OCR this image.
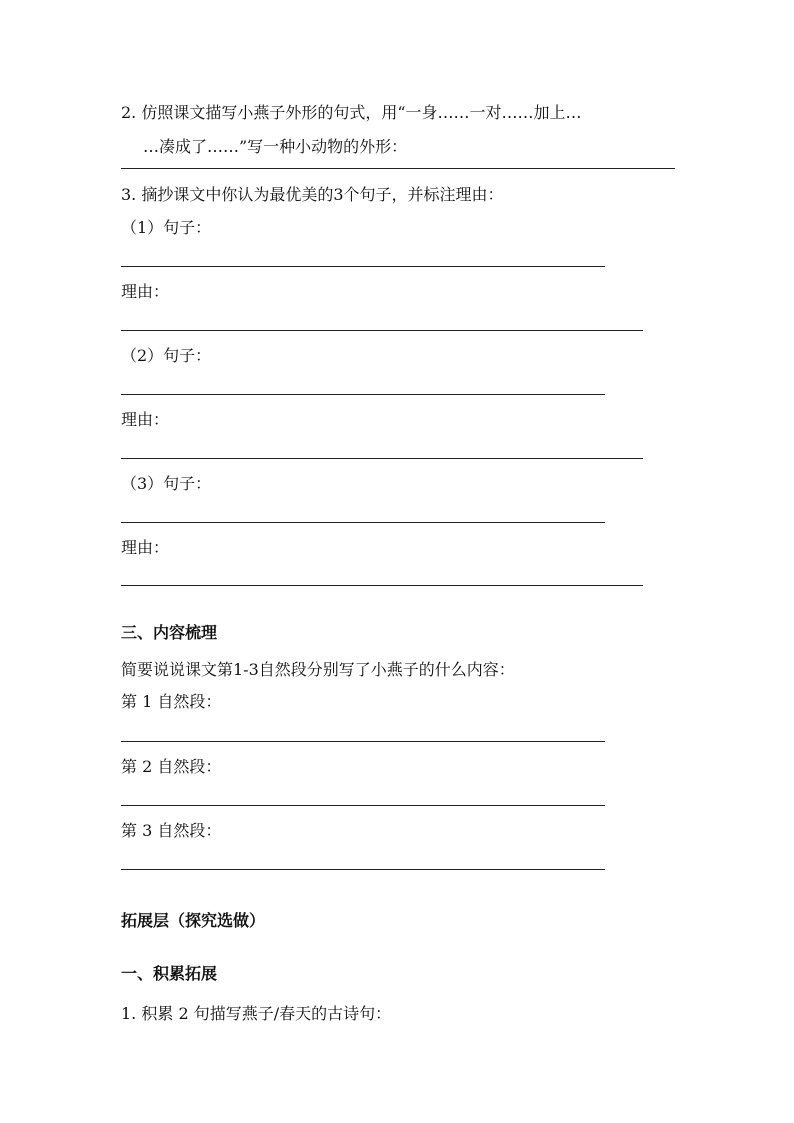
2. 仿照课文描写小燕子外形的句式，用“一身……一对……加上…
…凑成了……”写一种小动物的外形：
3. 摘抄课文中你认为最优美的3个句子，并标注理由：
（1）句子：
理由：
（2）句子：
理由：
（3）句子：
理由：
三、内容梳理
简要说说课文第1-3自然段分别写了小燕子的什么内容：
第 1 自然段：
第 2 自然段：
第 3 自然段：
拓展层（探究选做）
一、积累拓展
1. 积累 2 句描写燕子/春天的古诗句：
